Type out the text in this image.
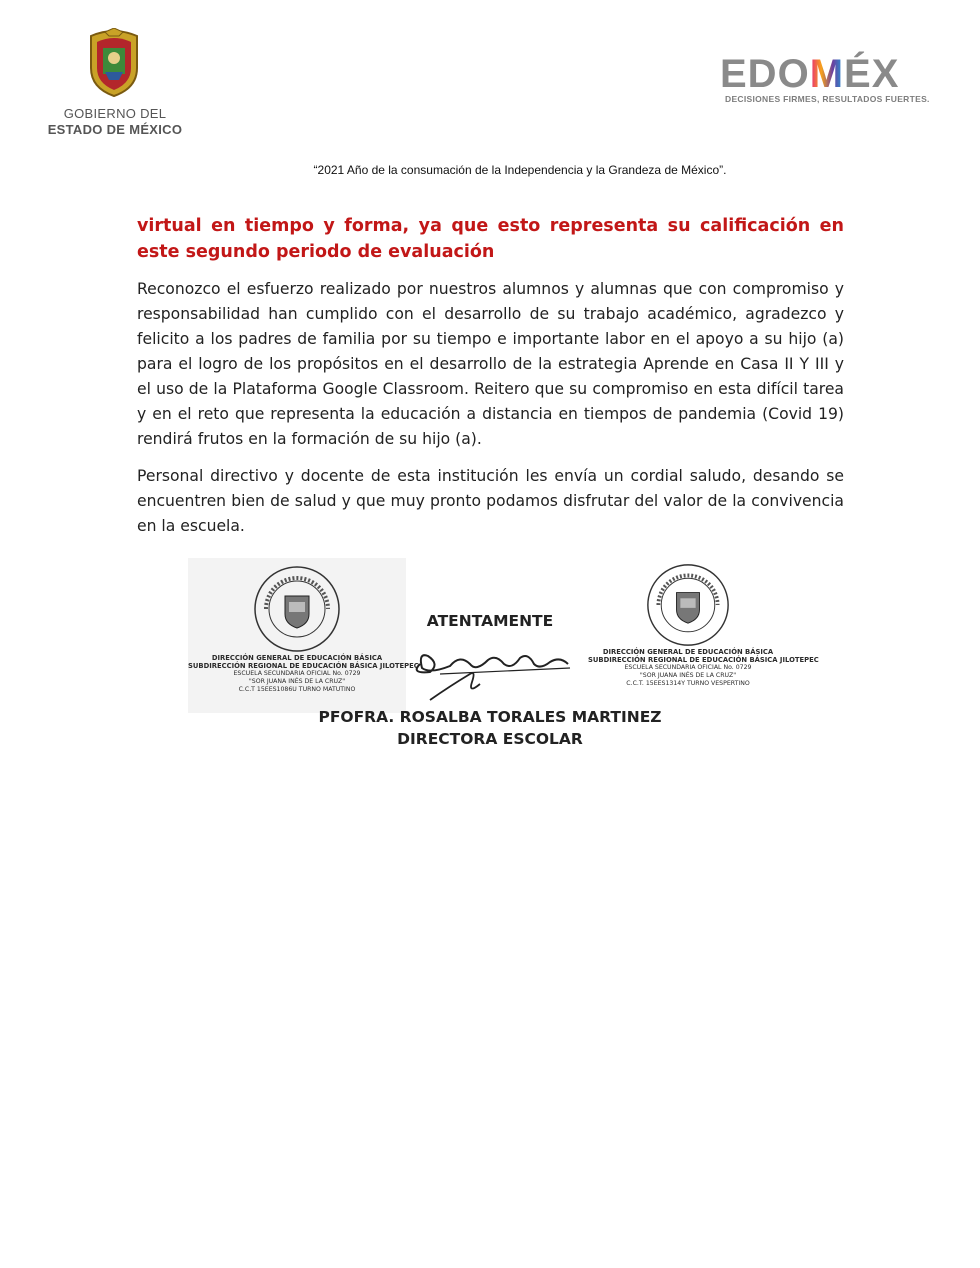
GOBIERNO DEL
ESTADO DE MÉXICO
EDOMÉX
DECISIONES FIRMES, RESULTADOS FUERTES.
“2021 Año de la consumación de la Independencia y la Grandeza de México”.

virtual en tiempo y forma, ya que esto representa su calificación en este segundo periodo de evaluación

Reconozco el esfuerzo realizado por nuestros alumnos y alumnas que con compromiso y responsabilidad han cumplido con el desarrollo de su trabajo académico, agradezco y felicito a los padres de familia por su tiempo e importante labor en el apoyo a su hijo (a) para el logro de los propósitos en el desarrollo de la estrategia Aprende en Casa II Y III y el uso de la Plataforma Google Classroom. Reitero que su compromiso en esta difícil tarea y en el reto que representa la educación a distancia en tiempos de pandemia (Covid 19) rendirá frutos en la formación de su hijo (a).

Personal directivo y docente de esta institución les envía un cordial saludo, desando se encuentren bien de salud y que muy pronto podamos disfrutar del valor de la convivencia en la escuela.

DIRECCIÓN GENERAL DE EDUCACIÓN BÁSICA
SUBDIRECCIÓN REGIONAL DE EDUCACIÓN BÁSICA JILOTEPEC
ESCUELA SECUNDARIA OFICIAL No. 0729
"SOR JUANA INÉS DE LA CRUZ"
C.C.T 15EES1086U TURNO MATUTINO
DIRECCIÓN GENERAL DE EDUCACIÓN BÁSICA
SUBDIRECCIÓN REGIONAL DE EDUCACIÓN BÁSICA JILOTEPEC
ESCUELA SECUNDARIA OFICIAL No. 0729
"SOR JUANA INÉS DE LA CRUZ"
C.C.T. 15EES1314Y TURNO VESPERTINO
ATENTAMENTE
PFOFRA. ROSALBA TORALES MARTINEZ
DIRECTORA ESCOLAR
